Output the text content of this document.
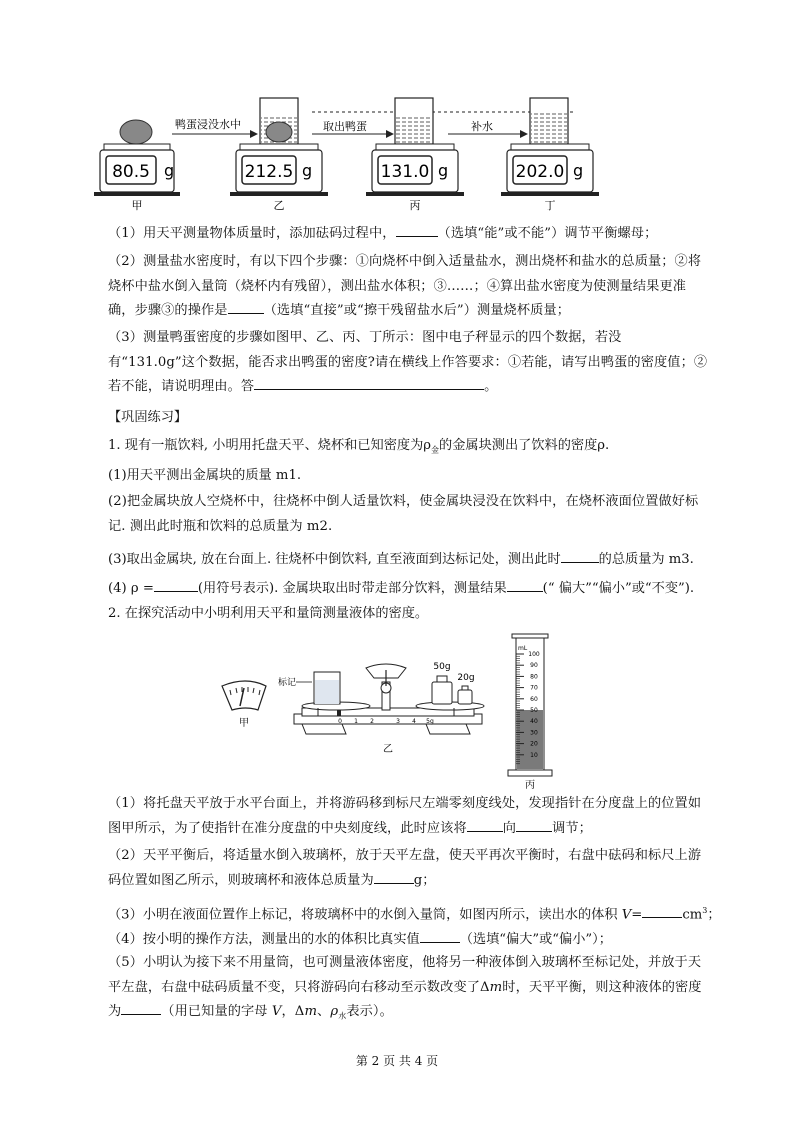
80.5	212.5	131.0	202.0
g	g	g	g
甲	乙	丙	丁
鸭蛋浸没水中	取出鸭蛋	补水
（1）用天平测量物体质量时，添加砝码过程中，	（选填“能”或不能”）调节平衡螺母；
（2）测量盐水密度时，有以下四个步骤：①向烧杯中倒入适量盐水，测出烧杯和盐水的总质量；②将烧杯中盐水倒入量筒（烧杯内有残留），测出盐水体积；③……；④算出盐水密度为使测量结果更准确，步骤③的操作是	（选填“直接”或“擦干残留盐水后”）测量烧杯质量；
（3）测量鸭蛋密度的步骤如图甲、乙、丙、丁所示：图中电子秤显示的四个数据，若没有“131.0g”这个数据，能否求出鸭蛋的密度?请在横线上作答要求：①若能，请写出鸭蛋的密度值；②若不能，请说明理由。答	。
【巩固练习】
1. 现有一瓶饮料, 小明用托盘天平、烧杯和已知密度为$\rho_金$的金属块测出了饮料的密度ρ.
(1)用天平测出金属块的质量 m1.
(2)把金属块放人空烧杯中，往烧杯中倒人适量饮料，使金属块浸没在饮料中，在烧杯液面位置做好标记. 测出此时瓶和饮料的总质量为 m2.
(3)取出金属块, 放在台面上. 往烧杯中倒饮料, 直至液面到达标记处，测出此时	的总质量为 m3.
(4) ρ =	(用符号表示). 金属块取出时带走部分饮料，测量结果	(“ 偏大”“偏小”或“不变”).
2. 在探究活动中小明利用天平和量筒测量液体的密度。
甲
标记
50g
20g
0 1 2	3 4 5g
乙
mL
100
90
80
70
60
50
40
30
20
10
丙
（1）将托盘天平放于水平台面上，并将游码移到标尺左端零刻度线处，发现指针在分度盘上的位置如图甲所示，为了使指针在准分度盘的中央刻度线，此时应该将	向	调节；
（2）天平平衡后，将适量水倒入玻璃杯，放于天平左盘，使天平再次平衡时，右盘中砝码和标尺上游码位置如图乙所示，则玻璃杯和液体总质量为	g；
（3）小明在液面位置作上标记，将玻璃杯中的水倒入量筒，如图丙所示，读出水的体积 V=	$cm^3$；
（4）按小明的操作方法，测量出的水的体积比真实值	（选填“偏大”或“偏小”）；
（5）小明认为接下来不用量筒，也可测量液体密度，他将另一种液体倒入玻璃杯至标记处，并放于天平左盘，右盘中砝码质量不变，只将游码向右移动至示数改变了Δm时，天平平衡，则这种液体的密度为	（用已知量的字母 V，Δm、$\rho_水$表示）。
第 2 页 共 4 页
